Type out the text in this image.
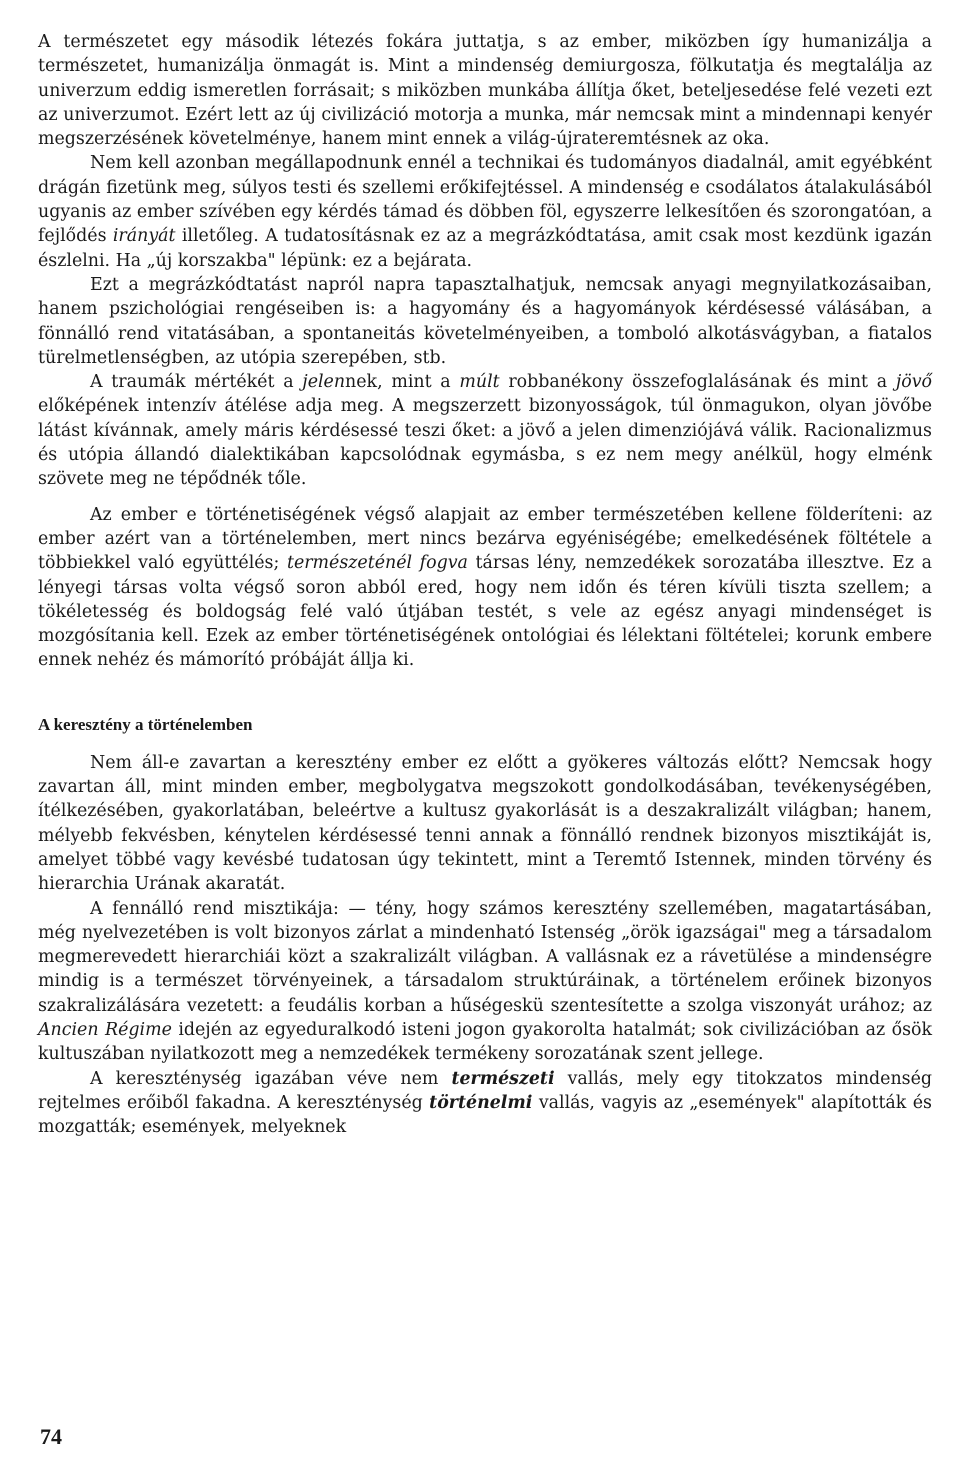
A természetet egy második létezés fokára juttatja, s az ember, miközben így humanizálja a természetet, humanizálja önmagát is. Mint a mindenség demiurgosza, fölkutatja és megtalálja az univerzum eddig ismeretlen forrásait; s miközben munkába állítja őket, beteljesedése felé vezeti ezt az univerzumot. Ezért lett az új civilizáció motorja a munka, már nemcsak mint a mindennapi kenyér megszerzésének követelménye, hanem mint ennek a világ-újrateremtésnek az oka.

Nem kell azonban megállapodnunk ennél a technikai és tudományos diadalnál, amit egyébként drágán fizetünk meg, súlyos testi és szellemi erőkifejtéssel. A mindenség e csodálatos átalakulásából ugyanis az ember szívében egy kérdés támad és döbben föl, egyszerre lelkesítően és szorongatóan, a fejlődés irányát illetőleg. A tudatosításnak ez az a megrázkódtatása, amit csak most kezdünk igazán észlelni. Ha „új korszakba" lépünk: ez a bejárata.

Ezt a megrázkódtatást napról napra tapasztalhatjuk, nemcsak anyagi megnyilatkozásaiban, hanem pszichológiai rengéseiben is: a hagyomány és a hagyományok kérdésessé válásában, a fönnálló rend vitatásában, a spontaneitás követelményeiben, a tomboló alkotásvágyban, a fiatalos türelmetlenségben, az utópia szerepében, stb.

A traumák mértékét a jelennek, mint a múlt robbanékony összefoglalásának és mint a jövő előképének intenzív átélése adja meg. A megszerzett bizonyosságok, túl önmagukon, olyan jövőbe látást kívánnak, amely máris kérdésessé teszi őket: a jövő a jelen dimenziójává válik. Racionalizmus és utópia állandó dialektikában kapcsolódnak egymásba, s ez nem megy anélkül, hogy elménk szövete meg ne tépődnék tőle.

Az ember e történetiségének végső alapjait az ember természetében kellene földeríteni: az ember azért van a történelemben, mert nincs bezárva egyéniségébe; emelkedésének föltétele a többiekkel való együttélés; természeténél fogva társas lény, nemzedékek sorozatába illesztve. Ez a lényegi társas volta végső soron abból ered, hogy nem időn és téren kívüli tiszta szellem; a tökéletesség és boldogság felé való útjában testét, s vele az egész anyagi mindenséget is mozgósítania kell. Ezek az ember történetiségének ontológiai és lélektani föltételei; korunk embere ennek nehéz és mámorító próbáját állja ki.

A keresztény a történelemben

Nem áll-e zavartan a keresztény ember ez előtt a gyökeres változás előtt? Nemcsak hogy zavartan áll, mint minden ember, megbolygatva megszokott gondolkodásában, tevékenységében, ítélkezésében, gyakorlatában, beleértve a kultusz gyakorlását is a deszakralizált világban; hanem, mélyebb fekvésben, kénytelen kérdésessé tenni annak a fönnálló rendnek bizonyos misztikáját is, amelyet többé vagy kevésbé tudatosan úgy tekintett, mint a Teremtő Istennek, minden törvény és hierarchia Urának akaratát.

A fennálló rend misztikája: — tény, hogy számos keresztény szellemében, magatartásában, még nyelvezetében is volt bizonyos zárlat a mindenható Istenség „örök igazságai" meg a társadalom megmerevedett hierarchiái közt a szakralizált világban. A vallásnak ez a rávetülése a mindenségre mindig is a természet törvényeinek, a társadalom struktúráinak, a történelem erőinek bizonyos szakralizálására vezetett: a feudális korban a hűségeskü szentesítette a szolga viszonyát urához; az Ancien Régime idején az egyeduralkodó isteni jogon gyakorolta hatalmát; sok civilizációban az ősök kultuszában nyilatkozott meg a nemzedékek termékeny sorozatának szent jellege.

A kereszténység igazában véve nem természeti vallás, mely egy titokzatos mindenség rejtelmes erőiből fakadna. A kereszténység történelmi vallás, vagyis az „események" alapították és mozgatták; események, melyeknek

74
